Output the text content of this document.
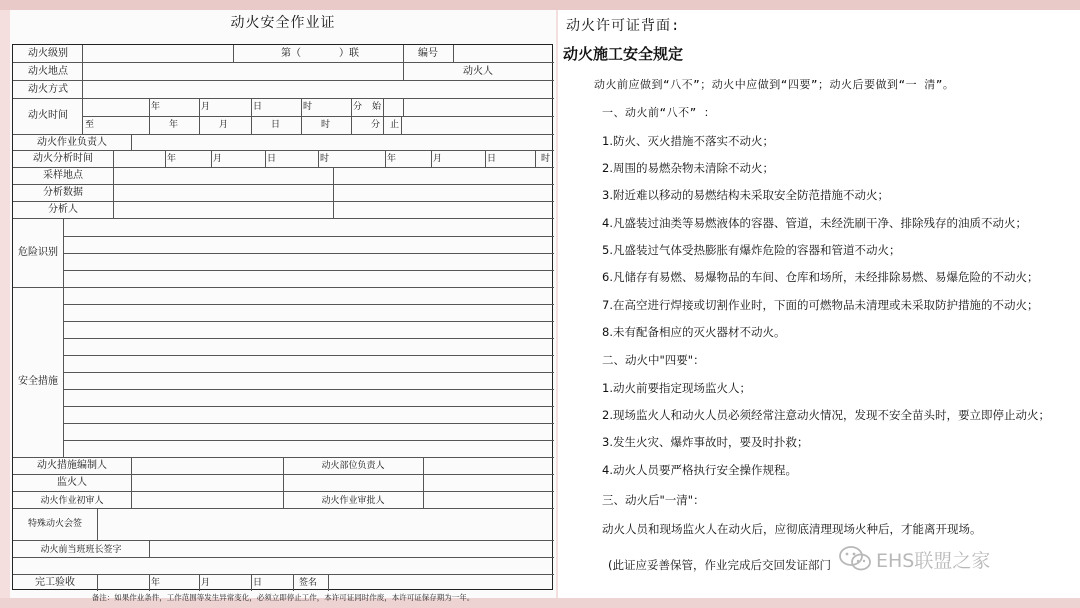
动火安全作业证
动火级别	第（	）联	编号
动火地点	动火人
动火方式
动火时间
年	月	日	时	分 始
至	年	月	日	时	分 止
动火作业负责人
动火分析时间	年	月	日	时	年	月	日	时
采样地点
分析数据
分析人
危险识别
安全措施
动火措施编制人	动火部位负责人
监火人
动火作业初审人	动火作业审批人
特殊动火会签
动火前当班班长签字
完工验收	年	月	日	签名
备注：如果作业条件，工作范围等发生异常变化，必须立即停止工作，本许可证同时作废，本许可证保存期为一年。
动火许可证背面:
动火施工安全规定
动火前应做到“八不”；动火中应做到“四要”；动火后要做到“一 清”。
一、动火前“八不” ：
1.防火、灭火措施不落实不动火；
2.周围的易燃杂物未清除不动火；
3.附近难以移动的易燃结构未采取安全防范措施不动火；
4.凡盛装过油类等易燃液体的容器、管道，未经洗刷干净、排除残存的油质不动火；
5.凡盛装过气体受热膨胀有爆炸危险的容器和管道不动火；
6.凡储存有易燃、易爆物品的车间、仓库和场所，未经排除易燃、易爆危险的不动火；
7.在高空进行焊接或切割作业时，下面的可燃物品未清理或未采取防护措施的不动火；
8.未有配备相应的灭火器材不动火。
二、动火中"四要"：
1.动火前要指定现场监火人；
2.现场监火人和动火人员必须经常注意动火情况，发现不安全苗头时，要立即停止动火；
3.发生火灾、爆炸事故时，要及时扑救；
4.动火人员要严格执行安全操作规程。
三、动火后"一清"：
动火人员和现场监火人在动火后，应彻底清理现场火种后，才能离开现场。
(此证应妥善保管，作业完成后交回发证部门 EHS联盟之家
